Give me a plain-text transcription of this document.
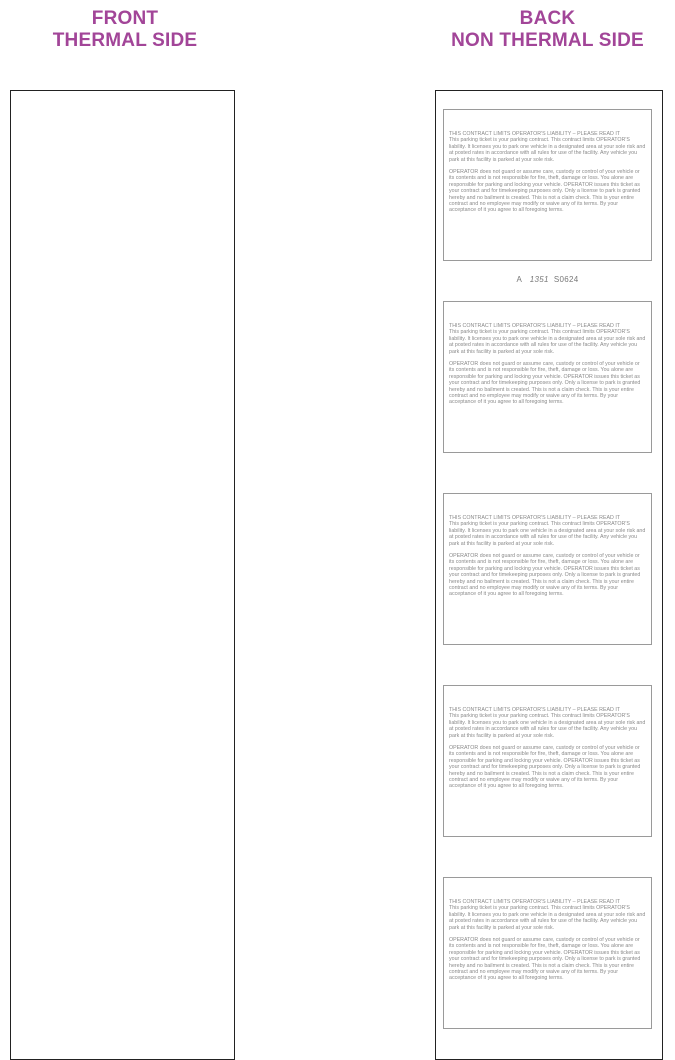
FRONT
THERMAL SIDE
BACK
NON THERMAL SIDE

THIS CONTRACT LIMITS OPERATOR'S LIABILITY – PLEASE READ IT

This parking ticket is your parking contract. This contract limits OPERATOR'S liability. It licenses you to park one vehicle in a designated area at your sole risk and at posted rates in accordance with all rules for use of the facility. Any vehicle you park at this facility is parked at your sole risk.

OPERATOR does not guard or assume care, custody or control of your vehicle or its contents and is not responsible for fire, theft, damage or loss. You alone are responsible for parking and locking your vehicle. OPERATOR issues this ticket as your contract and for timekeeping purposes only. Only a license to park is granted hereby and no bailment is created. This is not a claim check. This is your entire contract and no employee may modify or waive any of its terms. By your acceptance of it you agree to all foregoing terms.

A 1351 S0624

THIS CONTRACT LIMITS OPERATOR'S LIABILITY – PLEASE READ IT

This parking ticket is your parking contract. This contract limits OPERATOR'S liability. It licenses you to park one vehicle in a designated area at your sole risk and at posted rates in accordance with all rules for use of the facility. Any vehicle you park at this facility is parked at your sole risk.

OPERATOR does not guard or assume care, custody or control of your vehicle or its contents and is not responsible for fire, theft, damage or loss. You alone are responsible for parking and locking your vehicle. OPERATOR issues this ticket as your contract and for timekeeping purposes only. Only a license to park is granted hereby and no bailment is created. This is not a claim check. This is your entire contract and no employee may modify or waive any of its terms. By your acceptance of it you agree to all foregoing terms.

THIS CONTRACT LIMITS OPERATOR'S LIABILITY – PLEASE READ IT

This parking ticket is your parking contract. This contract limits OPERATOR'S liability. It licenses you to park one vehicle in a designated area at your sole risk and at posted rates in accordance with all rules for use of the facility. Any vehicle you park at this facility is parked at your sole risk.

OPERATOR does not guard or assume care, custody or control of your vehicle or its contents and is not responsible for fire, theft, damage or loss. You alone are responsible for parking and locking your vehicle. OPERATOR issues this ticket as your contract and for timekeeping purposes only. Only a license to park is granted hereby and no bailment is created. This is not a claim check. This is your entire contract and no employee may modify or waive any of its terms. By your acceptance of it you agree to all foregoing terms.

THIS CONTRACT LIMITS OPERATOR'S LIABILITY – PLEASE READ IT

This parking ticket is your parking contract. This contract limits OPERATOR'S liability. It licenses you to park one vehicle in a designated area at your sole risk and at posted rates in accordance with all rules for use of the facility. Any vehicle you park at this facility is parked at your sole risk.

OPERATOR does not guard or assume care, custody or control of your vehicle or its contents and is not responsible for fire, theft, damage or loss. You alone are responsible for parking and locking your vehicle. OPERATOR issues this ticket as your contract and for timekeeping purposes only. Only a license to park is granted hereby and no bailment is created. This is not a claim check. This is your entire contract and no employee may modify or waive any of its terms. By your acceptance of it you agree to all foregoing terms.

THIS CONTRACT LIMITS OPERATOR'S LIABILITY – PLEASE READ IT

This parking ticket is your parking contract. This contract limits OPERATOR'S liability. It licenses you to park one vehicle in a designated area at your sole risk and at posted rates in accordance with all rules for use of the facility. Any vehicle you park at this facility is parked at your sole risk.

OPERATOR does not guard or assume care, custody or control of your vehicle or its contents and is not responsible for fire, theft, damage or loss. You alone are responsible for parking and locking your vehicle. OPERATOR issues this ticket as your contract and for timekeeping purposes only. Only a license to park is granted hereby and no bailment is created. This is not a claim check. This is your entire contract and no employee may modify or waive any of its terms. By your acceptance of it you agree to all foregoing terms.
